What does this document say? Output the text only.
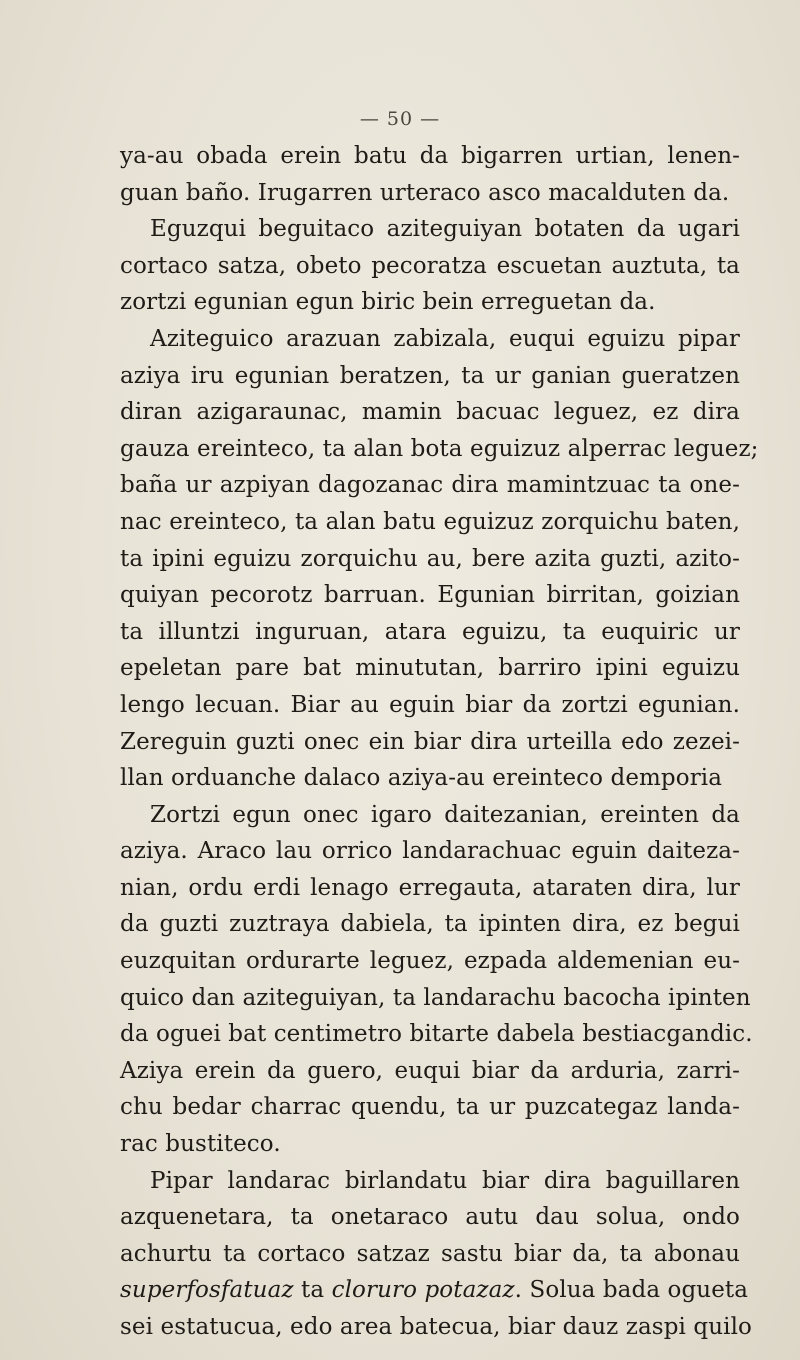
— 50 —
ya-au obada erein batu da bigarren urtian, lenen-
guan baño. Irugarren urteraco asco macalduten da.
Eguzqui beguitaco aziteguiyan botaten da ugari
cortaco satza, obeto pecoratza escuetan auztuta, ta
zortzi egunian egun biric bein erreguetan da.
Aziteguico arazuan zabizala, euqui eguizu pipar
aziya iru egunian beratzen, ta ur ganian gueratzen
diran azigaraunac, mamin bacuac leguez, ez dira
gauza ereinteco, ta alan bota eguizuz alperrac leguez;
baña ur azpiyan dagozanac dira mamintzuac ta one-
nac ereinteco, ta alan batu eguizuz zorquichu baten,
ta ipini eguizu zorquichu au, bere azita guzti, azito-
quiyan pecorotz barruan. Egunian birritan, goizian
ta illuntzi inguruan, atara eguizu, ta euquiric ur
epeletan pare bat minututan, barriro ipini eguizu
lengo lecuan. Biar au eguin biar da zortzi egunian.
Zereguin guzti onec ein biar dira urteilla edo zezei-
llan orduanche dalaco aziya-au ereinteco demporia
Zortzi egun onec igaro daitezanian, ereinten da
aziya. Araco lau orrico landarachuac eguin daiteza-
nian, ordu erdi lenago erregauta, ataraten dira, lur
da guzti zuztraya dabiela, ta ipinten dira, ez begui
euzquitan ordurarte leguez, ezpada aldemenian eu-
quico dan aziteguiyan, ta landarachu bacocha ipinten
da oguei bat centimetro bitarte dabela bestiacgandic.
Aziya erein da guero, euqui biar da arduria, zarri-
chu bedar charrac quendu, ta ur puzcategaz landa-
rac bustiteco.
Pipar landarac birlandatu biar dira baguillaren
azquenetara, ta onetaraco autu dau solua, ondo
achurtu ta cortaco satzaz sastu biar da, ta abonau
superfosfatuaz ta cloruro potazaz. Solua bada ogueta
sei estatucua, edo area batecua, biar dauz zaspi quilo
